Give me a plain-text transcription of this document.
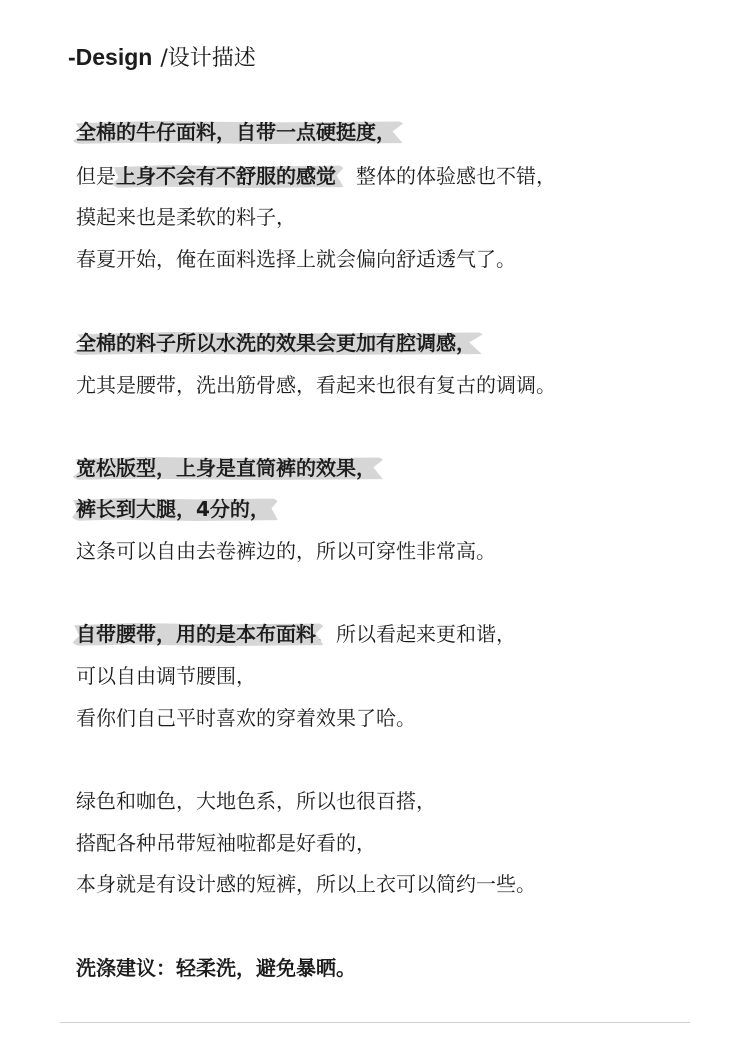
-Design /设计描述
全棉的牛仔面料，自带一点硬挺度，
但是上身不会有不舒服的感觉，整体的体验感也不错，
摸起来也是柔软的料子，
春夏开始，俺在面料选择上就会偏向舒适透气了。
全棉的料子所以水洗的效果会更加有腔调感，
尤其是腰带，洗出筋骨感，看起来也很有复古的调调。
宽松版型，上身是直筒裤的效果，
裤长到大腿，4分的，
这条可以自由去卷裤边的，所以可穿性非常高。
自带腰带，用的是本布面料，所以看起来更和谐，
可以自由调节腰围，
看你们自己平时喜欢的穿着效果了哈。
绿色和咖色，大地色系，所以也很百搭，
搭配各种吊带短袖啦都是好看的，
本身就是有设计感的短裤，所以上衣可以简约一些。
洗涤建议：轻柔洗，避免暴晒。
